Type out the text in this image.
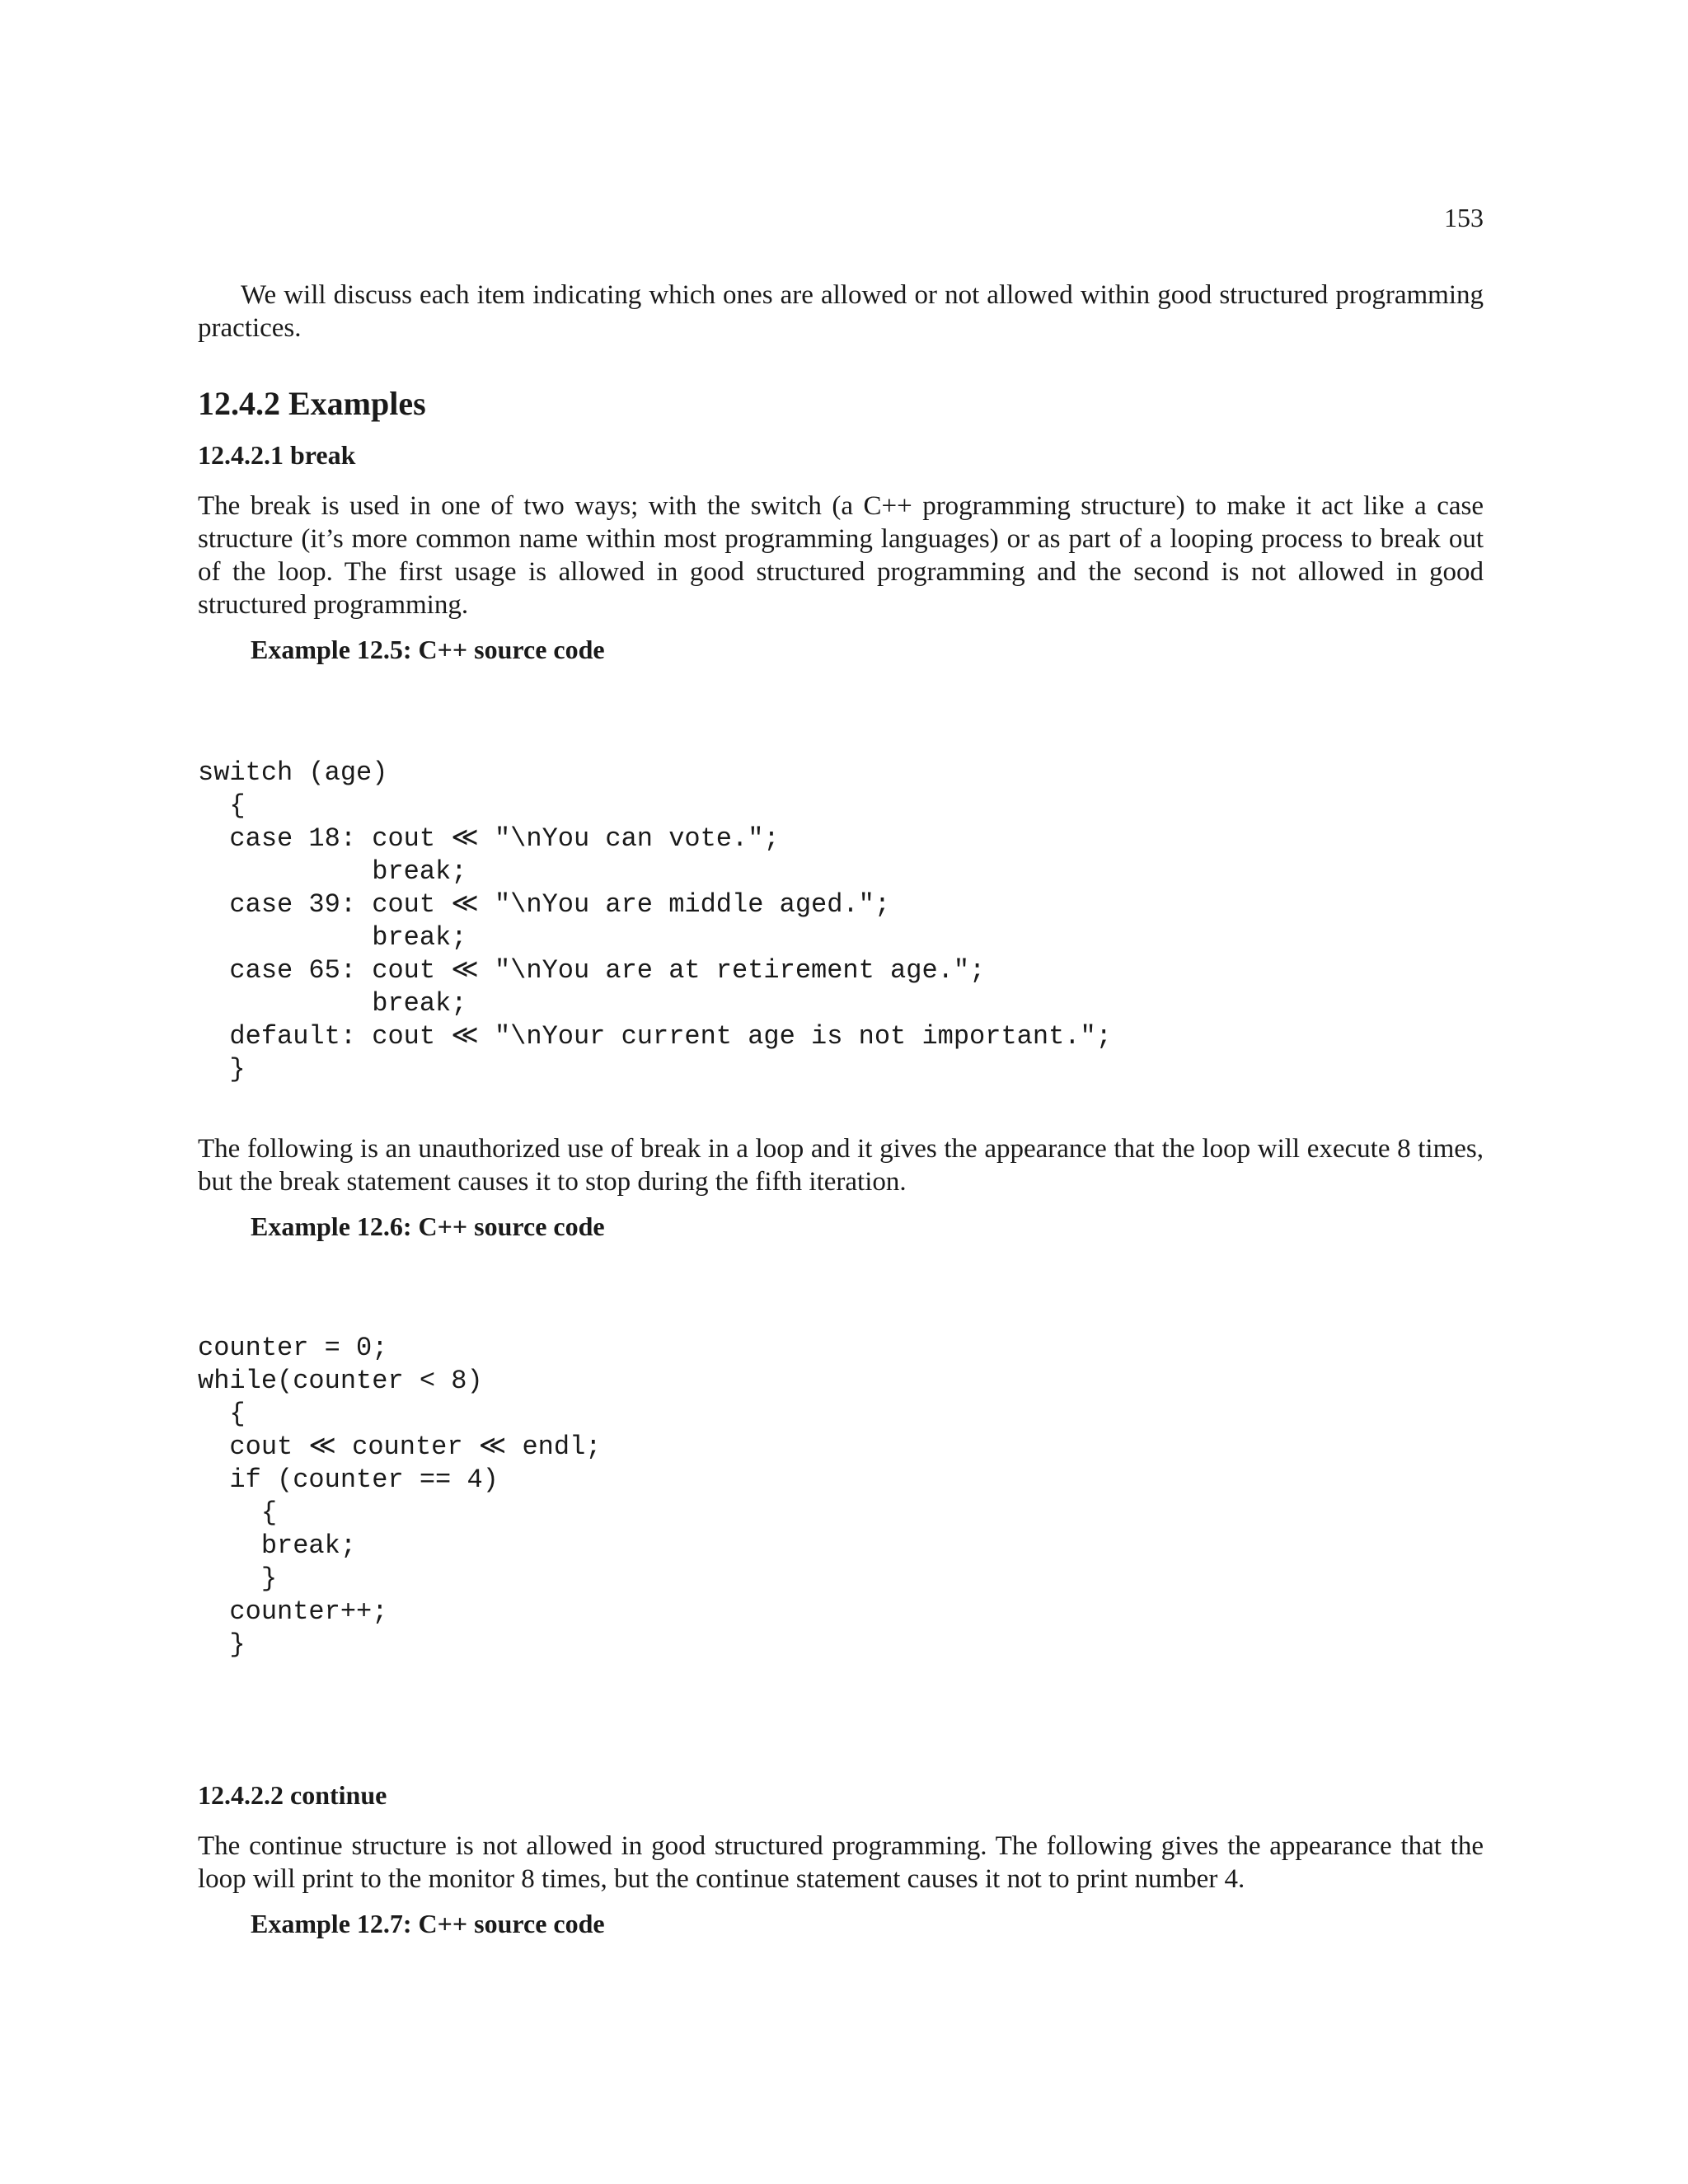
153

We will discuss each item indicating which ones are allowed or not allowed within good structured programming practices.

12.4.2 Examples
12.4.2.1 break

The break is used in one of two ways; with the switch (a C++ programming structure) to make it act like a case structure (it’s more common name within most programming languages) or as part of a looping process to break out of the loop. The first usage is allowed in good structured programming and the second is not allowed in good structured programming.

Example 12.5: C++ source code

switch (age)
{
case 18: cout ≪ "\nYou can vote.";
break;
case 39: cout ≪ "\nYou are middle aged.";
break;
case 65: cout ≪ "\nYou are at retirement age.";
break;
default: cout ≪ "\nYour current age is not important.";
}

The following is an unauthorized use of break in a loop and it gives the appearance that the loop will execute 8 times, but the break statement causes it to stop during the fifth iteration.

Example 12.6: C++ source code

counter = 0;
while(counter < 8)
{
cout ≪ counter ≪ endl;
if (counter == 4)
{
break;
}
counter++;
}
12.4.2.2 continue

The continue structure is not allowed in good structured programming. The following gives the appearance that the loop will print to the monitor 8 times, but the continue statement causes it not to print number 4.

Example 12.7: C++ source code
